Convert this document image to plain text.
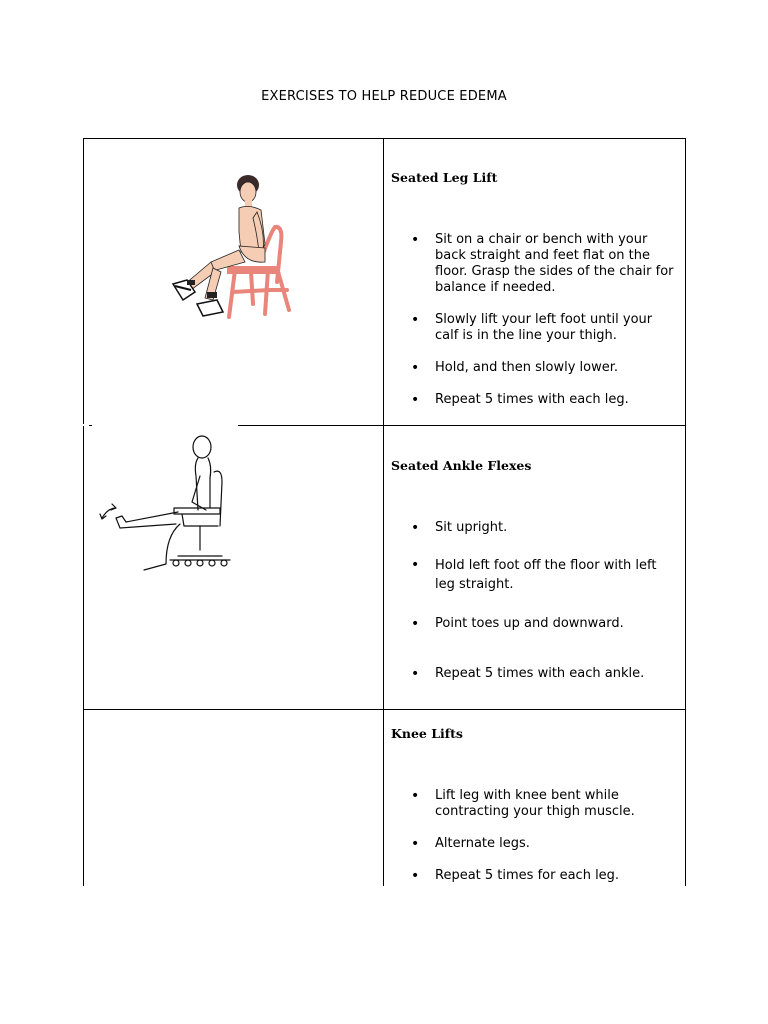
EXERCISES TO HELP REDUCE EDEMA
Seated Leg Lift
• Sit on a chair or bench with your back straight and feet flat on the floor. Grasp the sides of the chair for balance if needed.
• Slowly lift your left foot until your calf is in the line your thigh.
• Hold, and then slowly lower.
• Repeat 5 times with each leg.
Seated Ankle Flexes
• Sit upright.
• Hold left foot off the floor with left leg straight.
• Point toes up and downward.
• Repeat 5 times with each ankle.
Knee Lifts
• Lift leg with knee bent while contracting your thigh muscle.
• Alternate legs.
• Repeat 5 times for each leg.
